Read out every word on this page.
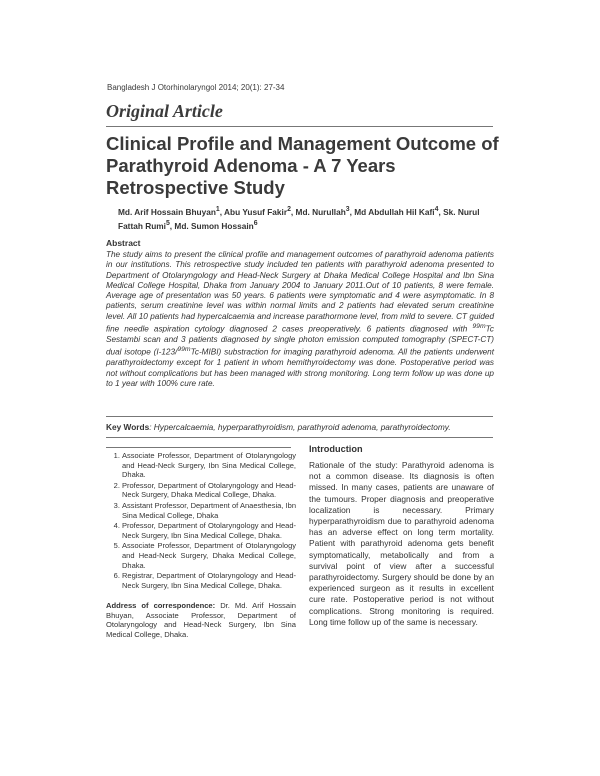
Bangladesh J Otorhinolaryngol 2014; 20(1): 27-34
Original Article
Clinical Profile and Management Outcome of Parathyroid Adenoma - A 7 Years Retrospective Study
Md. Arif Hossain Bhuyan$^1$, Abu Yusuf Fakir$^2$, Md. Nurullah$^3$, Md Abdullah Hil Kafi$^4$, Sk. Nurul Fattah Rumi$^5$, Md. Sumon Hossain$^6$
Abstract

The study aims to present the clinical profile and management outcomes of parathyroid adenoma patients in our institutions. This retrospective study included ten patients with parathyroid adenoma presented to Department of Otolaryngology and Head-Neck Surgery at Dhaka Medical College Hospital and Ibn Sina Medical College Hospital, Dhaka from January 2004 to January 2011.Out of 10 patients, 8 were female. Average age of presentation was 50 years. 6 patients were symptomatic and 4 were asymptomatic. In 8 patients, serum creatinine level was within normal limits and 2 patients had elevated serum creatinine level. All 10 patients had hypercalcaemia and increase parathormone level, from mild to severe. CT guided fine needle aspiration cytology diagnosed 2 cases preoperatively. 6 patients diagnosed with $^{99m}$Tc Sestambi scan and 3 patients diagnosed by single photon emission computed tomography (SPECT-CT) dual isotope (I-123/$^{99m}$Tc-MIBI) substraction for imaging parathyroid adenoma. All the patients underwent parathyroidectomy except for 1 patient in whom hemithyroidectomy was done. Postoperative period was not without complications but has been managed with strong monitoring. Long term follow up was done up to 1 year with 100% cure rate.

Key Words: Hypercalcaemia, hyperparathyroidism, parathyroid adenoma, parathyroidectomy.
1. Associate Professor, Department of Otolaryngology and Head-Neck Surgery, Ibn Sina Medical College, Dhaka.
2. Professor, Department of Otolaryngology and Head-Neck Surgery, Dhaka Medical College, Dhaka.
3. Assistant Professor, Department of Anaesthesia, Ibn Sina Medical College, Dhaka
4. Professor, Department of Otolaryngology and Head-Neck Surgery, Ibn Sina Medical College, Dhaka.
5. Associate Professor, Department of Otolaryngology and Head-Neck Surgery, Dhaka Medical College, Dhaka.
6. Registrar, Department of Otolaryngology and Head-Neck Surgery, Ibn Sina Medical College, Dhaka.
Address of correspondence: Dr. Md. Arif Hossain Bhuyan, Associate Professor, Department of Otolaryngology and Head-Neck Surgery, Ibn Sina Medical College, Dhaka.
Introduction

Rationale of the study: Parathyroid adenoma is not a common disease. Its diagnosis is often missed. In many cases, patients are unaware of the tumours. Proper diagnosis and preoperative localization is necessary. Primary hyperparathyroidism due to parathyroid adenoma has an adverse effect on long term mortality. Patient with parathyroid adenoma gets benefit symptomatically, metabolically and from a survival point of view after a successful parathyroidectomy. Surgery should be done by an experienced surgeon as it results in excellent cure rate. Postoperative period is not without complications. Strong monitoring is required. Long time follow up of the same is necessary.
